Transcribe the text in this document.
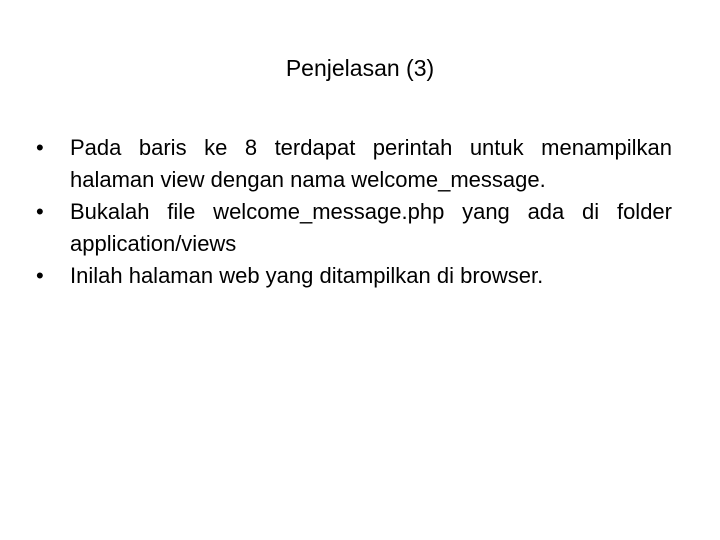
Penjelasan (3)
•	Pada baris ke 8 terdapat perintah untuk menampilkan halaman view dengan nama welcome_message.
•	Bukalah file welcome_message.php yang ada di folder application/views
•	Inilah halaman web yang ditampilkan di browser.
